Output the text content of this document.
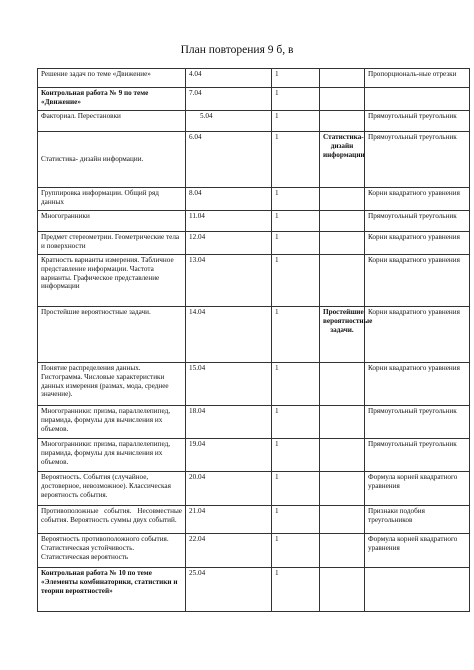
План повторения 9 б, в
Решение задач по теме «Движение»	4.04	1		Пропорциональ-ные отрезки
Контрольная работа № 9 по теме «Движение»	7.04	1		
Факториал. Перестановки	5.04	1		Прямоугольный треугольник
Статистика- дизайн информации.	6.04	1	Статистика-дизайн информации	Прямоугольный треугольник
Группировка информации. Общий ряд данных	8.04	1		Корни квадратного уравнения
Многогранники	11.04	1		Прямоугольный треугольник
Предмет стереометрии. Геометрические тела и поверхности	12.04	1		Корни квадратного уравнения
Кратность варианты измерения. Табличное представление информации. Частота варианты. Графическое представление информации	13.04	1		Корни квадратного уравнения
Простейшие вероятностные задачи.	14.04	1	Простейшие вероятностные задачи.	Корни квадратного уравнения
Понятие распределения данных. Гистограмма. Числовые характеристики данных измерения (размах, мода, среднее значение).	15.04	1		Корни квадратного уравнения
Многогранники: призма, параллелепипед, пирамида, формулы для вычисления их объемов.	18.04	1		Прямоугольный треугольник
Многогранники: призма, параллелепипед, пирамида, формулы для вычисления их объемов.	19.04	1		Прямоугольный треугольник
Вероятность. События (случайное, достоверное, невозможное). Классическая вероятность события.	20.04	1		Формула корней квадратного уравнения
Противоположные события. Несовместные события. Вероятность суммы двух событий.	21.04	1		Признаки подобия треугольников
Вероятность противоположного события. Статистическая устойчивость. Статистическая вероятность	22.04	1		Формула корней квадратного уравнения
Контрольная работа № 10 по теме «Элементы комбинаторики, статистики и теории вероятностей»	25.04	1		
